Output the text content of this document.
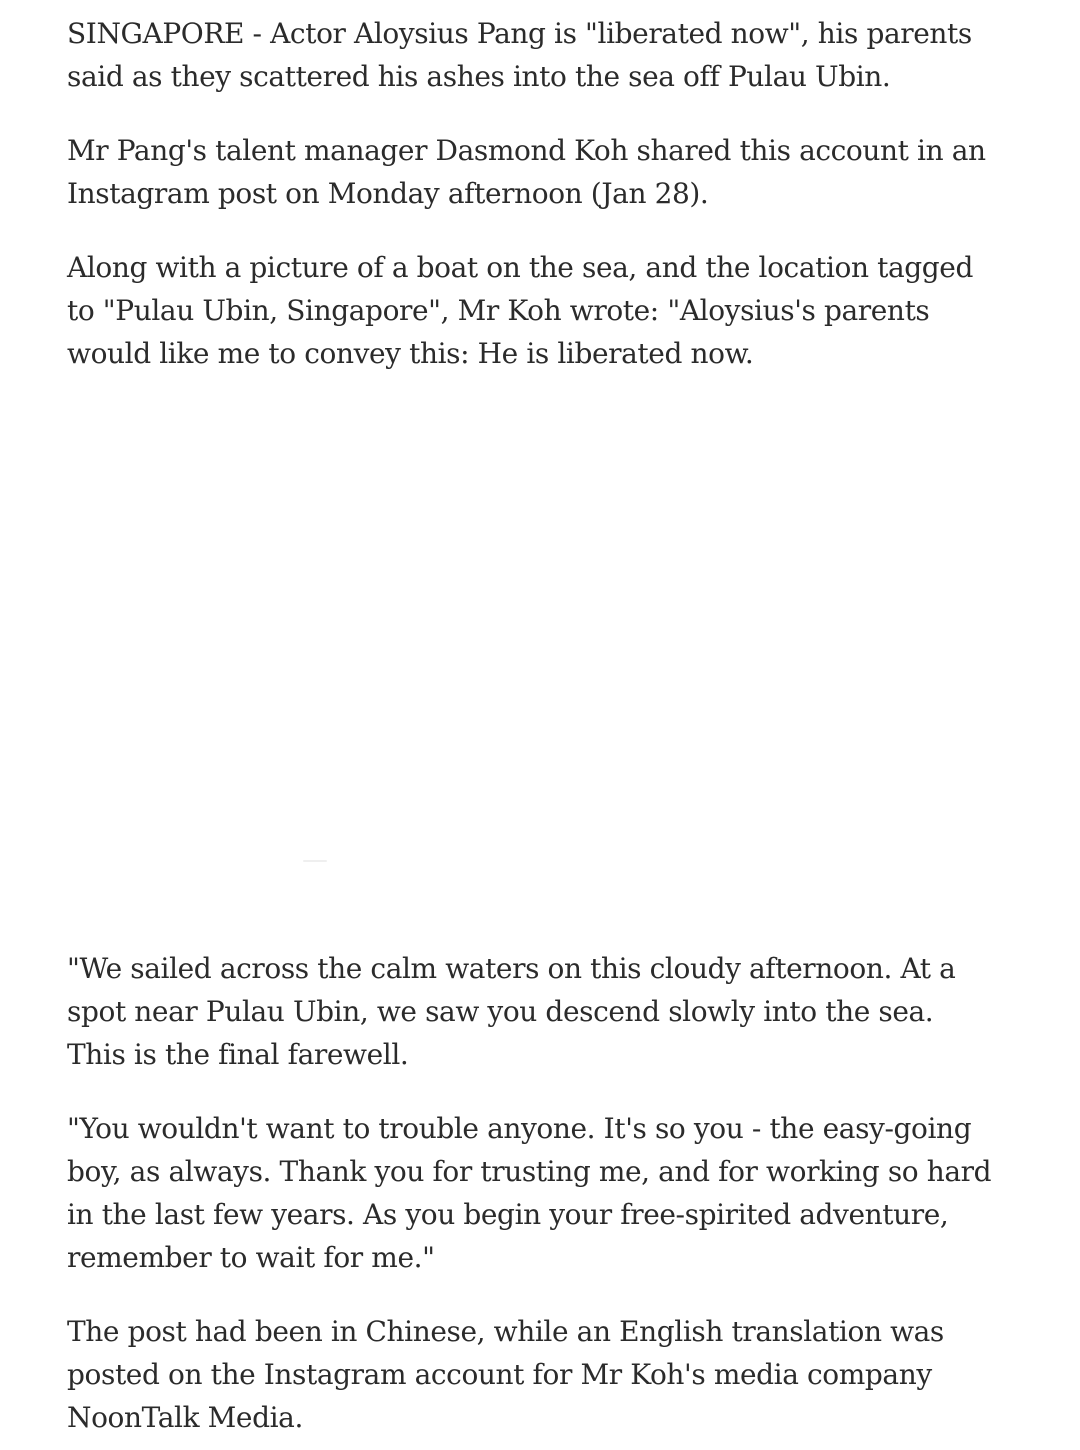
SINGAPORE - Actor Aloysius Pang is "liberated now", his parents said as they scattered his ashes into the sea off Pulau Ubin.

Mr Pang's talent manager Dasmond Koh shared this account in an Instagram post on Monday afternoon (Jan 28).

Along with a picture of a boat on the sea, and the location tagged to "Pulau Ubin, Singapore", Mr Koh wrote: "Aloysius's parents would like me to convey this: He is liberated now.

"We sailed across the calm waters on this cloudy afternoon. At a spot near Pulau Ubin, we saw you descend slowly into the sea. This is the final farewell.

"You wouldn't want to trouble anyone. It's so you - the easy-going boy, as always. Thank you for trusting me, and for working so hard in the last few years. As you begin your free-spirited adventure, remember to wait for me."

The post had been in Chinese, while an English translation was posted on the Instagram account for Mr Koh's media company NoonTalk Media.
